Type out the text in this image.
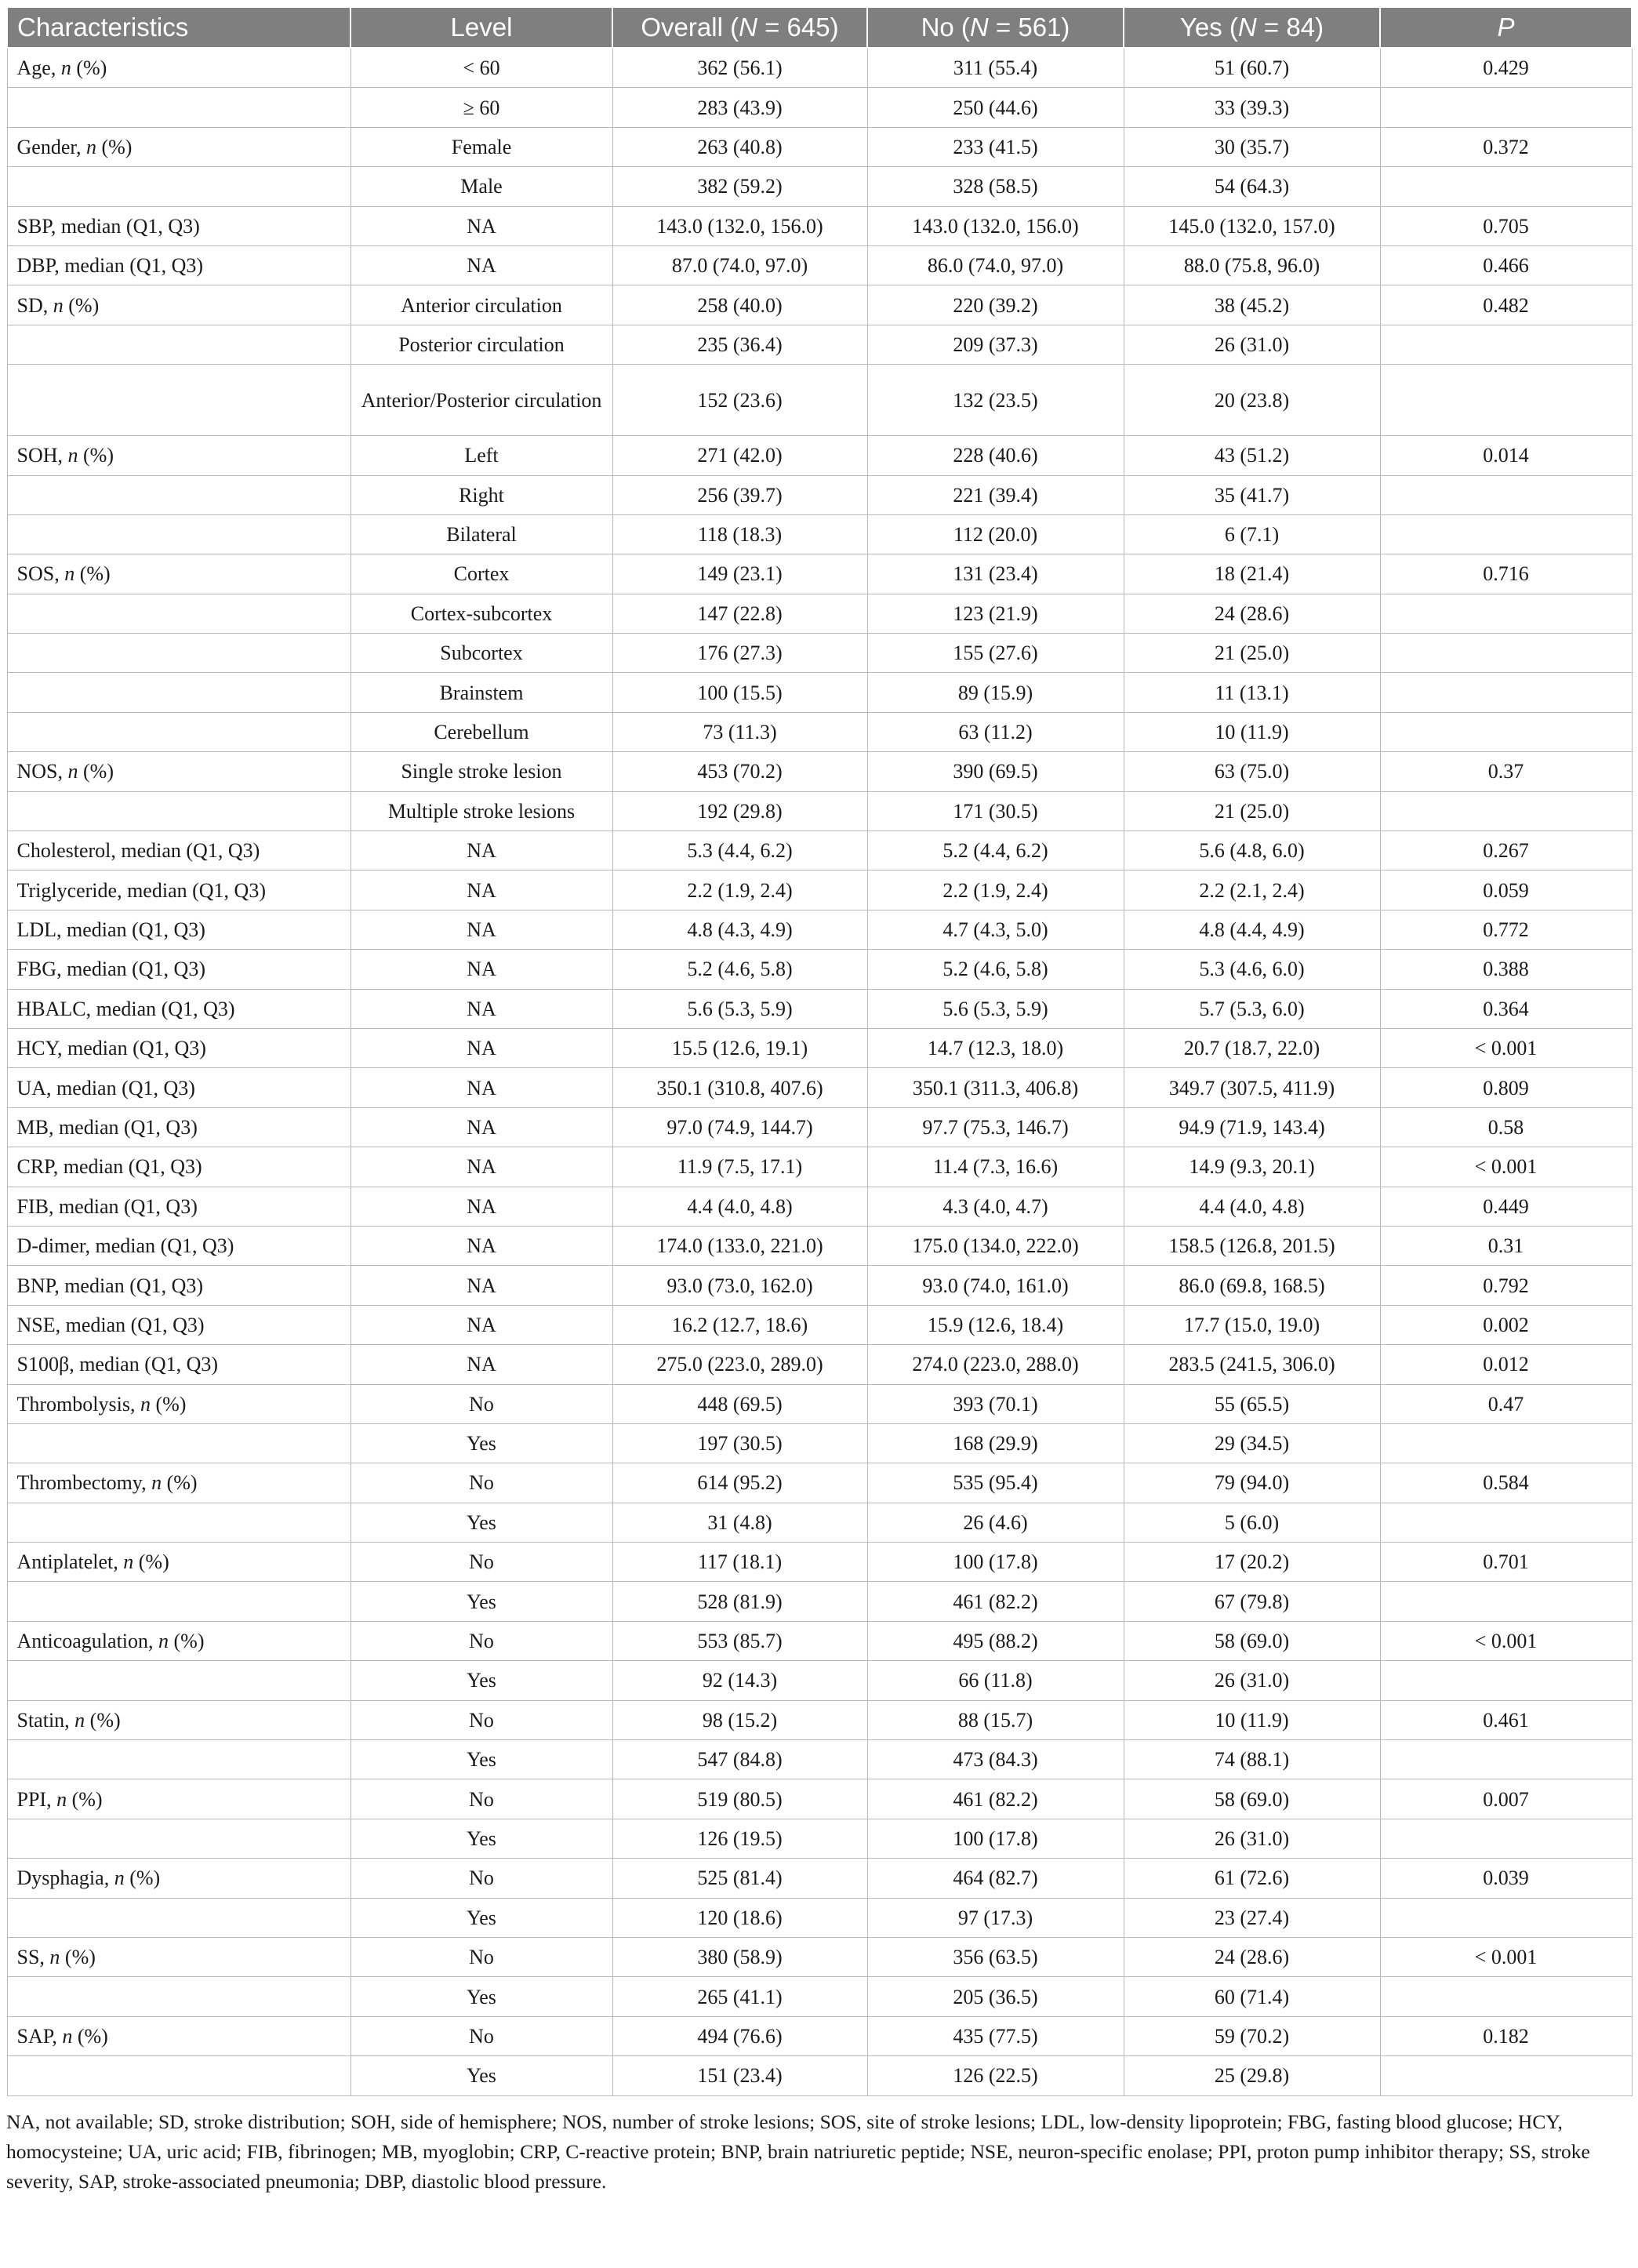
Characteristics	Level	Overall (N = 645)	No (N = 561)	Yes (N = 84)	P
Age, n (%)	< 60	362 (56.1)	311 (55.4)	51 (60.7)	0.429
	≥ 60	283 (43.9)	250 (44.6)	33 (39.3)	
Gender, n (%)	Female	263 (40.8)	233 (41.5)	30 (35.7)	0.372
	Male	382 (59.2)	328 (58.5)	54 (64.3)	
SBP, median (Q1, Q3)	NA	143.0 (132.0, 156.0)	143.0 (132.0, 156.0)	145.0 (132.0, 157.0)	0.705
DBP, median (Q1, Q3)	NA	87.0 (74.0, 97.0)	86.0 (74.0, 97.0)	88.0 (75.8, 96.0)	0.466
SD, n (%)	Anterior circulation	258 (40.0)	220 (39.2)	38 (45.2)	0.482
	Posterior circulation	235 (36.4)	209 (37.3)	26 (31.0)	
	Anterior/Posterior circulation	152 (23.6)	132 (23.5)	20 (23.8)	
SOH, n (%)	Left	271 (42.0)	228 (40.6)	43 (51.2)	0.014
	Right	256 (39.7)	221 (39.4)	35 (41.7)	
	Bilateral	118 (18.3)	112 (20.0)	6 (7.1)	
SOS, n (%)	Cortex	149 (23.1)	131 (23.4)	18 (21.4)	0.716
	Cortex-subcortex	147 (22.8)	123 (21.9)	24 (28.6)	
	Subcortex	176 (27.3)	155 (27.6)	21 (25.0)	
	Brainstem	100 (15.5)	89 (15.9)	11 (13.1)	
	Cerebellum	73 (11.3)	63 (11.2)	10 (11.9)	
NOS, n (%)	Single stroke lesion	453 (70.2)	390 (69.5)	63 (75.0)	0.37
	Multiple stroke lesions	192 (29.8)	171 (30.5)	21 (25.0)	
Cholesterol, median (Q1, Q3)	NA	5.3 (4.4, 6.2)	5.2 (4.4, 6.2)	5.6 (4.8, 6.0)	0.267
Triglyceride, median (Q1, Q3)	NA	2.2 (1.9, 2.4)	2.2 (1.9, 2.4)	2.2 (2.1, 2.4)	0.059
LDL, median (Q1, Q3)	NA	4.8 (4.3, 4.9)	4.7 (4.3, 5.0)	4.8 (4.4, 4.9)	0.772
FBG, median (Q1, Q3)	NA	5.2 (4.6, 5.8)	5.2 (4.6, 5.8)	5.3 (4.6, 6.0)	0.388
HBALC, median (Q1, Q3)	NA	5.6 (5.3, 5.9)	5.6 (5.3, 5.9)	5.7 (5.3, 6.0)	0.364
HCY, median (Q1, Q3)	NA	15.5 (12.6, 19.1)	14.7 (12.3, 18.0)	20.7 (18.7, 22.0)	< 0.001
UA, median (Q1, Q3)	NA	350.1 (310.8, 407.6)	350.1 (311.3, 406.8)	349.7 (307.5, 411.9)	0.809
MB, median (Q1, Q3)	NA	97.0 (74.9, 144.7)	97.7 (75.3, 146.7)	94.9 (71.9, 143.4)	0.58
CRP, median (Q1, Q3)	NA	11.9 (7.5, 17.1)	11.4 (7.3, 16.6)	14.9 (9.3, 20.1)	< 0.001
FIB, median (Q1, Q3)	NA	4.4 (4.0, 4.8)	4.3 (4.0, 4.7)	4.4 (4.0, 4.8)	0.449
D-dimer, median (Q1, Q3)	NA	174.0 (133.0, 221.0)	175.0 (134.0, 222.0)	158.5 (126.8, 201.5)	0.31
BNP, median (Q1, Q3)	NA	93.0 (73.0, 162.0)	93.0 (74.0, 161.0)	86.0 (69.8, 168.5)	0.792
NSE, median (Q1, Q3)	NA	16.2 (12.7, 18.6)	15.9 (12.6, 18.4)	17.7 (15.0, 19.0)	0.002
S100β, median (Q1, Q3)	NA	275.0 (223.0, 289.0)	274.0 (223.0, 288.0)	283.5 (241.5, 306.0)	0.012
Thrombolysis, n (%)	No	448 (69.5)	393 (70.1)	55 (65.5)	0.47
	Yes	197 (30.5)	168 (29.9)	29 (34.5)	
Thrombectomy, n (%)	No	614 (95.2)	535 (95.4)	79 (94.0)	0.584
	Yes	31 (4.8)	26 (4.6)	5 (6.0)	
Antiplatelet, n (%)	No	117 (18.1)	100 (17.8)	17 (20.2)	0.701
	Yes	528 (81.9)	461 (82.2)	67 (79.8)	
Anticoagulation, n (%)	No	553 (85.7)	495 (88.2)	58 (69.0)	< 0.001
	Yes	92 (14.3)	66 (11.8)	26 (31.0)	
Statin, n (%)	No	98 (15.2)	88 (15.7)	10 (11.9)	0.461
	Yes	547 (84.8)	473 (84.3)	74 (88.1)	
PPI, n (%)	No	519 (80.5)	461 (82.2)	58 (69.0)	0.007
	Yes	126 (19.5)	100 (17.8)	26 (31.0)	
Dysphagia, n (%)	No	525 (81.4)	464 (82.7)	61 (72.6)	0.039
	Yes	120 (18.6)	97 (17.3)	23 (27.4)	
SS, n (%)	No	380 (58.9)	356 (63.5)	24 (28.6)	< 0.001
	Yes	265 (41.1)	205 (36.5)	60 (71.4)	
SAP, n (%)	No	494 (76.6)	435 (77.5)	59 (70.2)	0.182
	Yes	151 (23.4)	126 (22.5)	25 (29.8)	
NA, not available; SD, stroke distribution; SOH, side of hemisphere; NOS, number of stroke lesions; SOS, site of stroke lesions; LDL, low-density lipoprotein; FBG, fasting blood glucose; HCY, homocysteine; UA, uric acid; FIB, fibrinogen; MB, myoglobin; CRP, C-reactive protein; BNP, brain natriuretic peptide; NSE, neuron-specific enolase; PPI, proton pump inhibitor therapy; SS, stroke severity, SAP, stroke-associated pneumonia; DBP, diastolic blood pressure.
